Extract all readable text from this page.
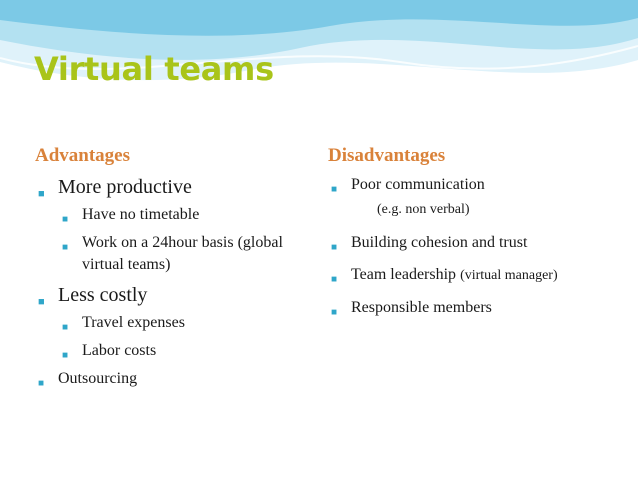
Virtual teams
Advantages	Disadvantages
■ More productive
■ Have no timetable
■ Work on a 24hour basis (global virtual teams)
■ Less costly
■ Travel expenses
■ Labor costs
■ Outsourcing
■ Poor communication
(e.g. non verbal)
■ Building cohesion and trust
■ Team leadership (virtual manager)
■ Responsible members
